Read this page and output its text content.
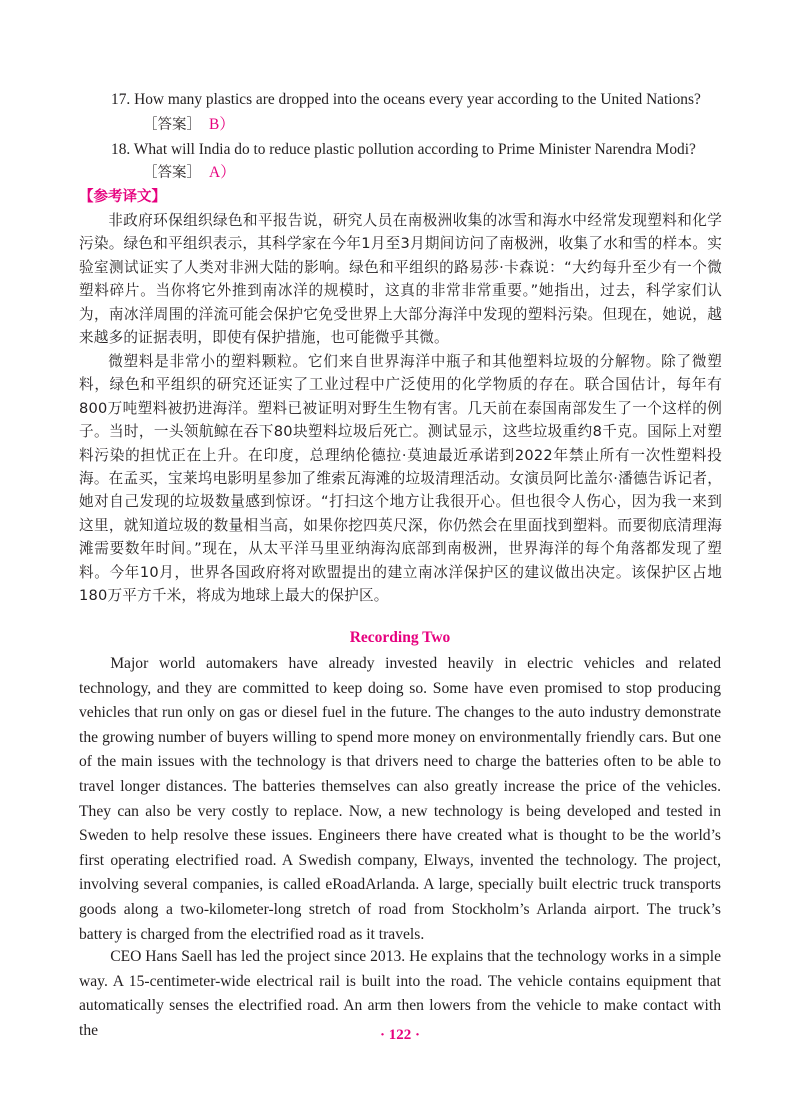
17. How many plastics are dropped into the oceans every year according to the United Nations?
［答案］ B）
18. What will India do to reduce plastic pollution according to Prime Minister Narendra Modi?
［答案］ A）
【参考译文】
非政府环保组织绿色和平报告说，研究人员在南极洲收集的冰雪和海水中经常发现塑料和化学污染。绿色和平组织表示，其科学家在今年1月至3月期间访问了南极洲，收集了水和雪的样本。实验室测试证实了人类对非洲大陆的影响。绿色和平组织的路易莎·卡森说：“大约每升至少有一个微塑料碎片。当你将它外推到南冰洋的规模时，这真的非常非常重要。”她指出，过去，科学家们认为，南冰洋周围的洋流可能会保护它免受世界上大部分海洋中发现的塑料污染。但现在，她说，越来越多的证据表明，即使有保护措施，也可能微乎其微。
微塑料是非常小的塑料颗粒。它们来自世界海洋中瓶子和其他塑料垃圾的分解物。除了微塑料，绿色和平组织的研究还证实了工业过程中广泛使用的化学物质的存在。联合国估计，每年有800万吨塑料被扔进海洋。塑料已被证明对野生生物有害。几天前在泰国南部发生了一个这样的例子。当时，一头领航鲸在吞下80块塑料垃圾后死亡。测试显示，这些垃圾重约8千克。国际上对塑料污染的担忧正在上升。在印度，总理纳伦德拉·莫迪最近承诺到2022年禁止所有一次性塑料投海。在孟买，宝莱坞电影明星参加了维索瓦海滩的垃圾清理活动。女演员阿比盖尔·潘德告诉记者，她对自己发现的垃圾数量感到惊讶。“打扫这个地方让我很开心。但也很令人伤心，因为我一来到这里，就知道垃圾的数量相当高，如果你挖四英尺深，你仍然会在里面找到塑料。而要彻底清理海滩需要数年时间。”现在，从太平洋马里亚纳海沟底部到南极洲，世界海洋的每个角落都发现了塑料。今年10月，世界各国政府将对欧盟提出的建立南冰洋保护区的建议做出决定。该保护区占地180万平方千米，将成为地球上最大的保护区。
Recording Two
Major world automakers have already invested heavily in electric vehicles and related technology, and they are committed to keep doing so. Some have even promised to stop producing vehicles that run only on gas or diesel fuel in the future. The changes to the auto industry demonstrate the growing number of buyers willing to spend more money on environmentally friendly cars. But one of the main issues with the technology is that drivers need to charge the batteries often to be able to travel longer distances. The batteries themselves can also greatly increase the price of the vehicles. They can also be very costly to replace. Now, a new technology is being developed and tested in Sweden to help resolve these issues. Engineers there have created what is thought to be the world’s first operating electrified road. A Swedish company, Elways, invented the technology. The project, involving several companies, is called eRoadArlanda. A large, specially built electric truck transports goods along a two-kilometer-long stretch of road from Stockholm’s Arlanda airport. The truck’s battery is charged from the electrified road as it travels.
CEO Hans Saell has led the project since 2013. He explains that the technology works in a simple way. A 15-centimeter-wide electrical rail is built into the road. The vehicle contains equipment that automatically senses the electrified road. An arm then lowers from the vehicle to make contact with the	· 122 ·
